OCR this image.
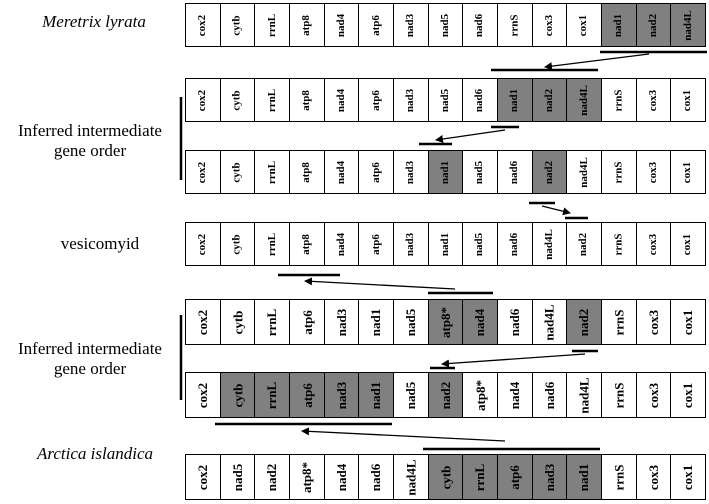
Meretrix lyrata
Inferred intermediate
gene order
vesicomyid
Inferred intermediate
gene order
Arctica islandica
cox2 cytb rrnL atp8 nad4 atp6 nad3 nad5 nad6 rrnS cox3 cox1 nad1 nad2 nad4L
cox2 cytb rrnL atp8 nad4 atp6 nad3 nad5 nad6 nad1 nad2 nad4L rrnS cox3 cox1
cox2 cytb rrnL atp8 nad4 atp6 nad3 nad1 nad5 nad6 nad2 nad4L rrnS cox3 cox1
cox2 cytb rrnL atp8 nad4 atp6 nad3 nad1 nad5 nad6 nad4L nad2 rrnS cox3 cox1
cox2 cytb rrnL atp6 nad3 nad1 nad5 atp8* nad4 nad6 nad4L nad2 rrnS cox3 cox1
cox2 cytb rrnL atp6 nad3 nad1 nad5 nad2 atp8* nad4 nad6 nad4L rrnS cox3 cox1
cox2 nad5 nad2 atp8* nad4 nad6 nad4L cytb rrnL atp6 nad3 nad1 rrnS cox3 cox1
